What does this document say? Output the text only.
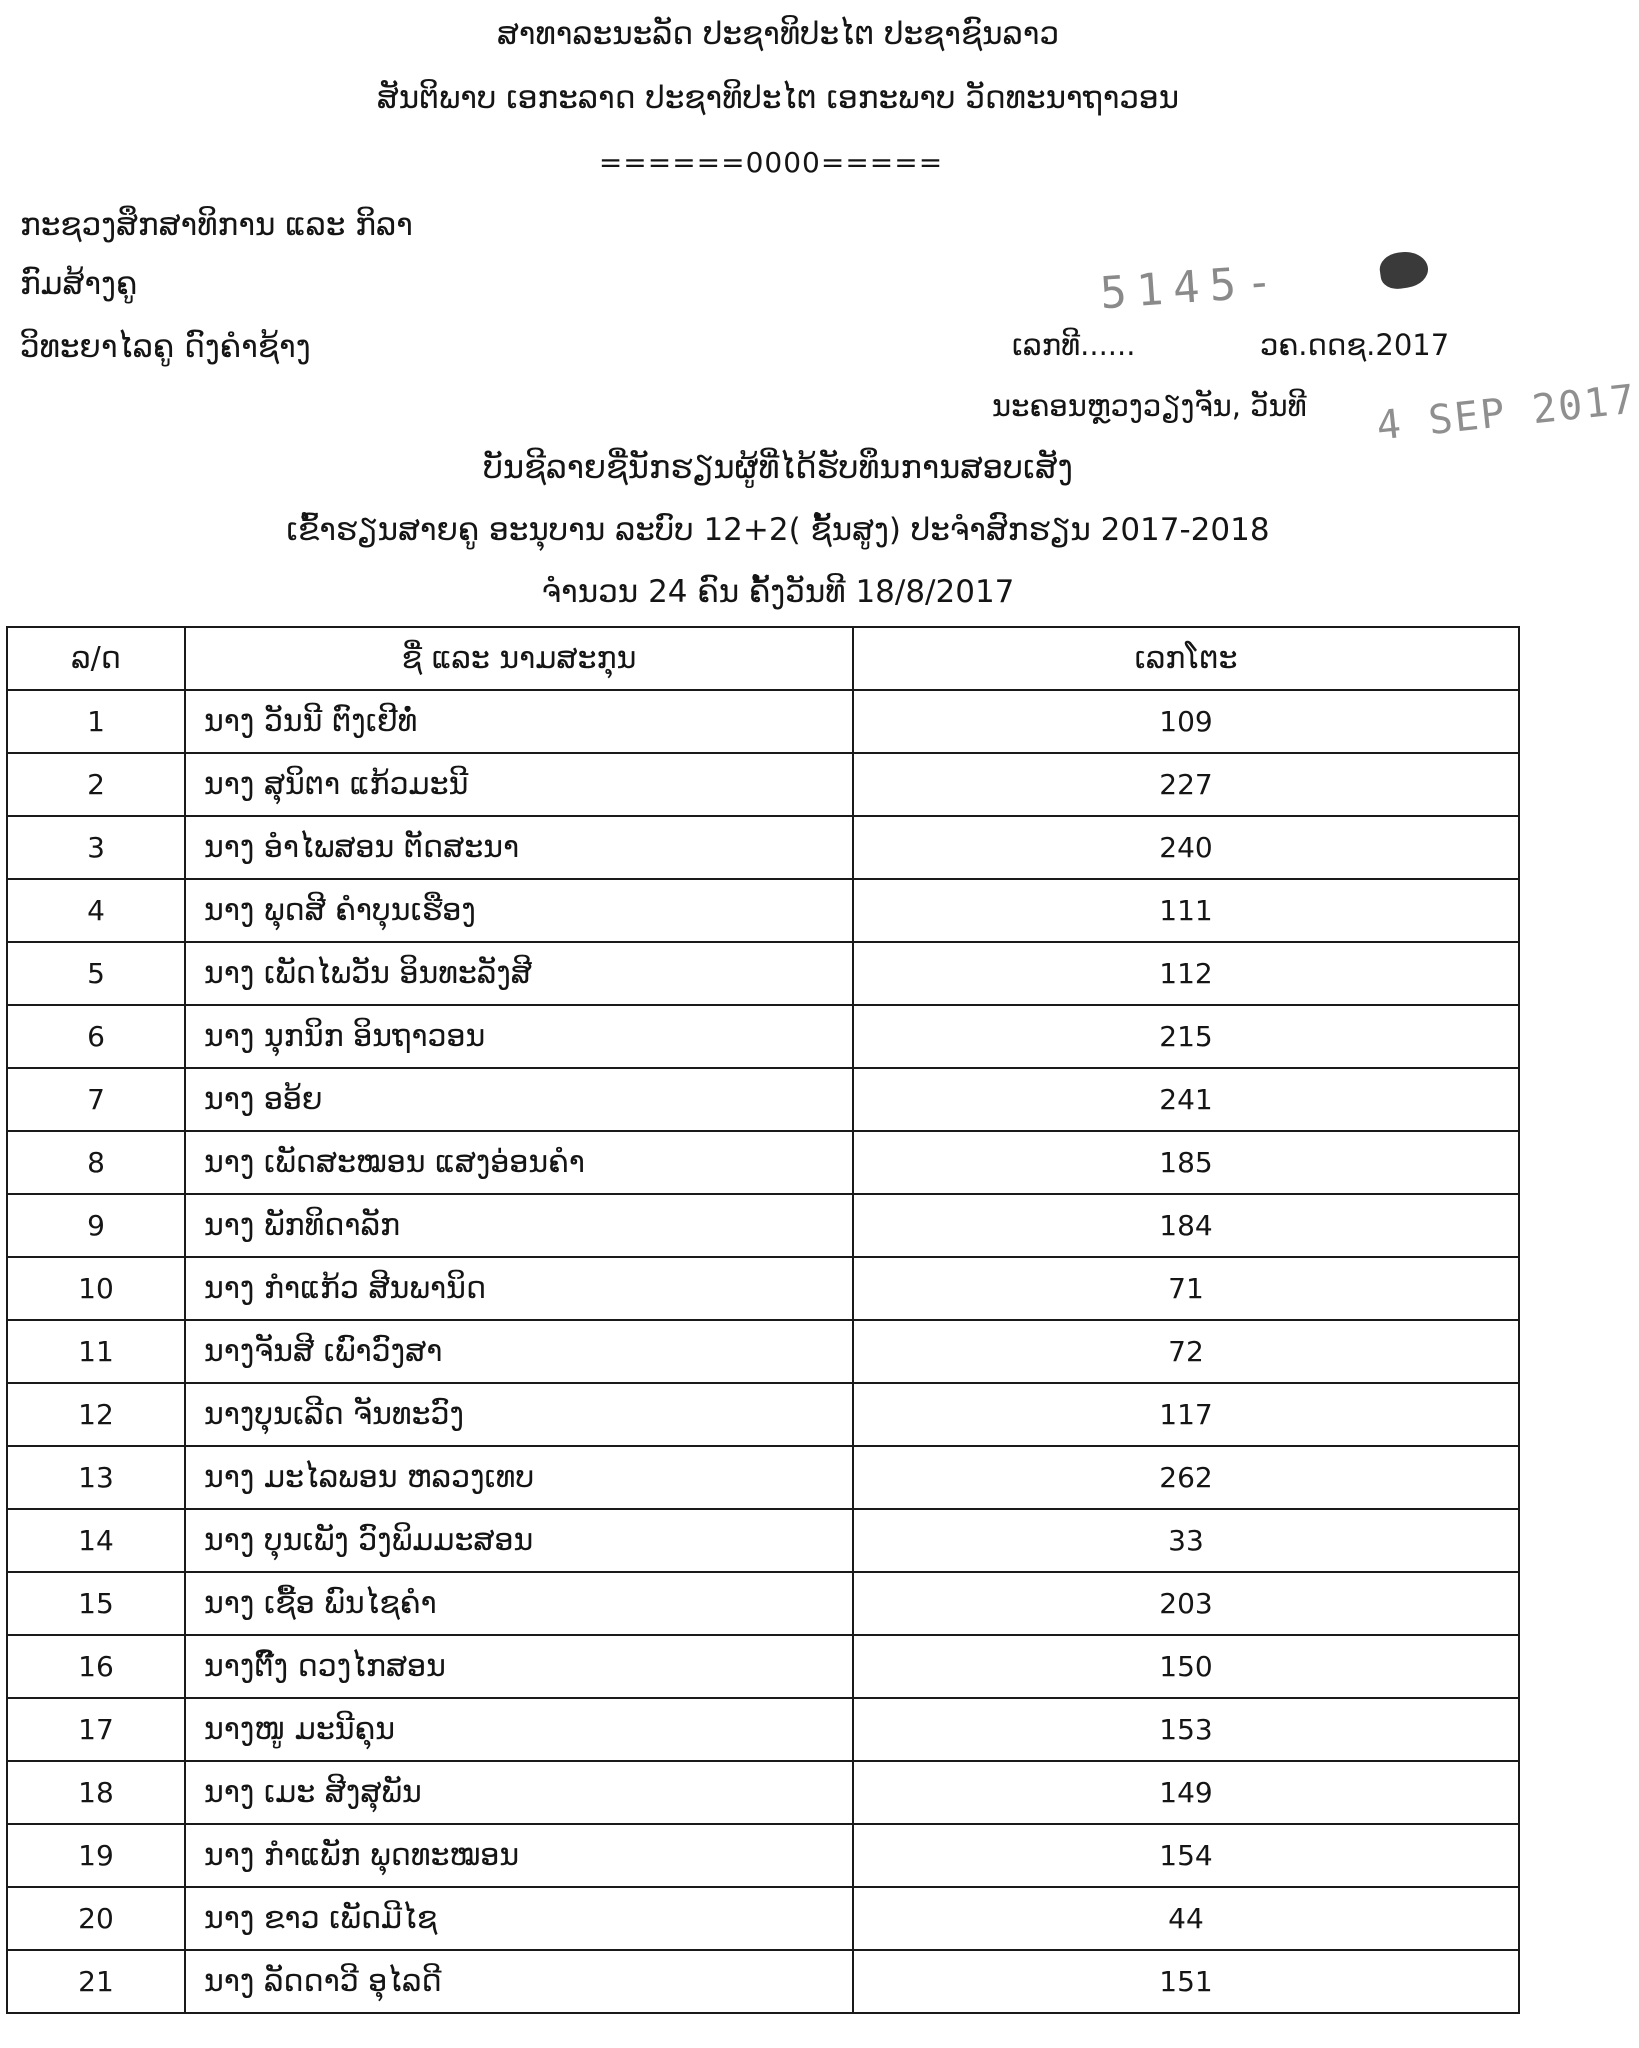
ສາທາລະນະລັດ ປະຊາທິປະໄຕ ປະຊາຊົນລາວ
ສັນຕິພາບ ເອກະລາດ ປະຊາທິປະໄຕ ເອກະພາບ ວັດທະນາຖາວອນ
======0000=====
ກະຊວງສຶກສາທິການ ແລະ ກິລາ
ກົມສ້າງຄູ
ວິທະຍາໄລຄູ ດົງຄຳຊ້າງ
5145-
ເລກທີ......	ວຄ.ດດຊ.2017
ນະຄອນຫຼວງວຽງຈັນ, ວັນທີ 4 SEP 2017
ບັນຊີລາຍຊື່ນັກຮຽນຜູ້ທີ່ໄດ້ຮັບທຶນການສອບເສັງ
ເຂົ້າຮຽນສາຍຄູ ອະນຸບານ ລະບົບ 12+2( ຊັ້ນສູງ) ປະຈຳສົກຮຽນ 2017-2018
ຈຳນວນ 24 ຄົນ ຄັ້ງວັນທີ 18/8/2017
ລ/ດ	ຊື່ ແລະ ນາມສະກຸນ	ເລກໂຕະ
1	ນາງ ວັນນີ ຕົງເຢີທໍ່	109
2	ນາງ ສຸນິຕາ ແກ້ວມະນີ	227
3	ນາງ ອຳໄພສອນ ຕັດສະນາ	240
4	ນາງ ພຸດສີ ຄຳບຸນເຮືອງ	111
5	ນາງ ເພັດໄພວັນ ອິນທະລັງສີ	112
6	ນາງ ນຸກນິກ ອິນຖາວອນ	215
7	ນາງ ອອ້ຍ	241
8	ນາງ ເພັດສະໝອນ ແສງອ່ອນຄຳ	185
9	ນາງ ພັກທິດາລັກ	184
10	ນາງ ກຳແກ້ວ ສີນພານິດ	71
11	ນາງຈັນສີ ເພົາວົງສາ	72
12	ນາງບຸນເລີດ ຈັນທະວົງ	117
13	ນາງ ມະໄລພອນ ຫລວງເທບ	262
14	ນາງ ບຸນເພັງ ວົງພິມມະສອນ	33
15	ນາງ ເຊື້ອ ພົນໄຊຄຳ	203
16	ນາງຕົ໊ງ ດວງໄກສອນ	150
17	ນາງໜູ ມະນີຄຸນ	153
18	ນາງ ເມະ ສີງສຸພັນ	149
19	ນາງ ກຳແພັກ ພຸດທະໝອນ	154
20	ນາງ ຂາວ ເພັດມີໄຊ	44
21	ນາງ ລັດດາວີ ອຸໄລດີ	151
